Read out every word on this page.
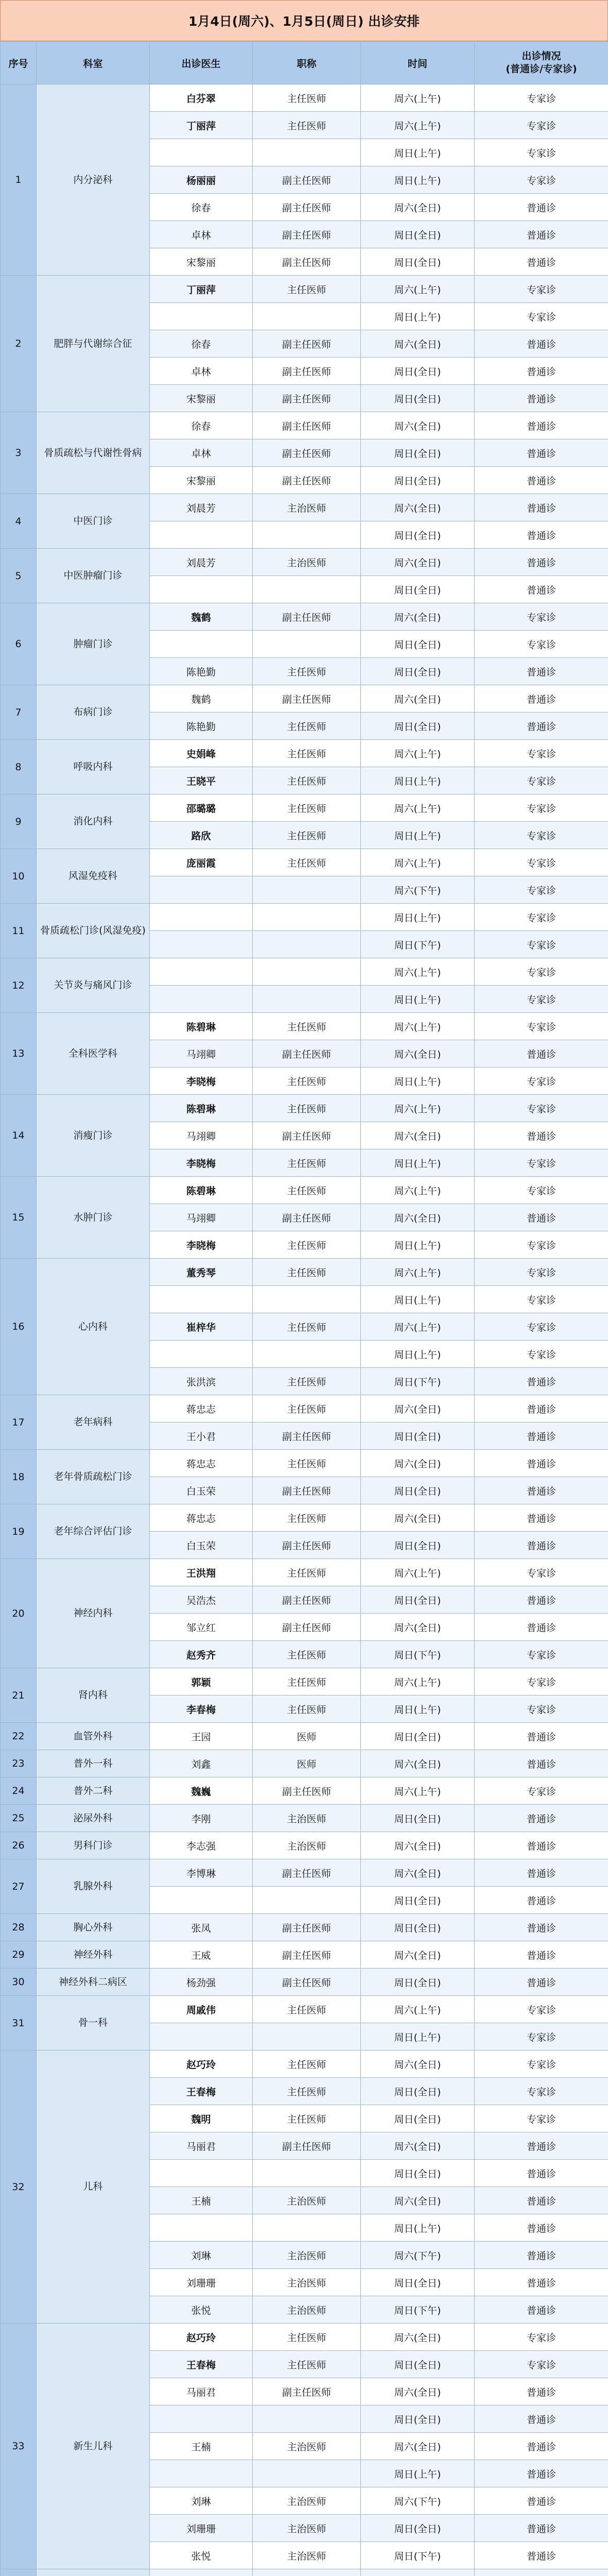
1月4日(周六)、1月5日(周日) 出诊安排
序号	科室	出诊医生	职称	时间	出诊情况
(普通诊/专家诊)
1	内分泌科	白芬翠	主任医师	周六(上午)	专家诊
		丁丽萍	主任医师	周六(上午)	专家诊
				周日(上午)	专家诊
		杨丽丽	副主任医师	周日(上午)	专家诊
		徐春	副主任医师	周六(全日)	普通诊
		卓林	副主任医师	周日(全日)	普通诊
		宋黎丽	副主任医师	周日(全日)	普通诊
2	肥胖与代谢综合征	丁丽萍	主任医师	周六(上午)	专家诊
				周日(上午)	专家诊
		徐春	副主任医师	周六(全日)	普通诊
		卓林	副主任医师	周日(全日)	普通诊
		宋黎丽	副主任医师	周日(全日)	普通诊
3	骨质疏松与代谢性骨病	徐春	副主任医师	周六(全日)	普通诊
		卓林	副主任医师	周日(全日)	普通诊
		宋黎丽	副主任医师	周日(全日)	普通诊
4	中医门诊	刘晨芳	主治医师	周六(全日)	普通诊
				周日(全日)	普通诊
5	中医肿瘤门诊	刘晨芳	主治医师	周六(全日)	普通诊
				周日(全日)	普通诊
6	肿瘤门诊	魏鹤	副主任医师	周六(全日)	专家诊
				周日(全日)	专家诊
		陈艳勤	主任医师	周日(全日)	普通诊
7	布病门诊	魏鹤	副主任医师	周六(全日)	普通诊
		陈艳勤	主任医师	周日(全日)	普通诊
8	呼吸内科	史娟峰	主任医师	周六(上午)	专家诊
		王晓平	主任医师	周日(上午)	专家诊
9	消化内科	邵璐璐	主任医师	周六(上午)	专家诊
		路欣	主任医师	周日(上午)	专家诊
10	风湿免疫科	庞丽霞	主任医师	周六(上午)	专家诊
				周六(下午)	专家诊
11	骨质疏松门诊(风湿免疫)			周日(上午)	专家诊
				周日(下午)	专家诊
12	关节炎与痛风门诊			周六(上午)	专家诊
				周日(上午)	专家诊
13	全科医学科	陈碧琳	主任医师	周六(上午)	专家诊
		马翊卿	副主任医师	周六(全日)	普通诊
		李晓梅	主任医师	周日(上午)	专家诊
14	消瘦门诊	陈碧琳	主任医师	周六(上午)	专家诊
		马翊卿	副主任医师	周六(全日)	普通诊
		李晓梅	主任医师	周日(上午)	专家诊
15	水肿门诊	陈碧琳	主任医师	周六(上午)	专家诊
		马翊卿	副主任医师	周六(全日)	普通诊
		李晓梅	主任医师	周日(上午)	专家诊
16	心内科	董秀琴	主任医师	周六(上午)	专家诊
				周日(上午)	专家诊
		崔梓华	主任医师	周六(上午)	专家诊
				周日(上午)	专家诊
		张洪滨	主任医师	周日(下午)	普通诊
17	老年病科	蒋忠志	主任医师	周六(全日)	普通诊
		王小君	副主任医师	周日(全日)	普通诊
18	老年骨质疏松门诊	蒋忠志	主任医师	周六(全日)	普通诊
		白玉荣	副主任医师	周日(全日)	普通诊
19	老年综合评估门诊	蒋忠志	主任医师	周六(全日)	普通诊
		白玉荣	副主任医师	周日(全日)	普通诊
20	神经内科	王洪翔	主任医师	周六(上午)	专家诊
		吴浩杰	副主任医师	周日(全日)	普通诊
		邹立红	副主任医师	周六(全日)	普通诊
		赵秀齐	主任医师	周日(下午)	专家诊
21	肾内科	郭颖	主任医师	周六(上午)	专家诊
		李春梅	主任医师	周日(上午)	专家诊
22	血管外科	王园	医师	周日(全日)	普通诊
23	普外一科	刘鑫	医师	周六(全日)	普通诊
24	普外二科	魏巍	副主任医师	周六(上午)	专家诊
25	泌尿外科	李刚	主治医师	周日(全日)	普通诊
26	男科门诊	李志强	主治医师	周六(全日)	普通诊
27	乳腺外科	李博琳	副主任医师	周六(全日)	普通诊
				周日(全日)	普通诊
28	胸心外科	张凤	副主任医师	周日(全日)	普通诊
29	神经外科	王威	副主任医师	周六(全日)	普通诊
30	神经外科二病区	杨劲强	副主任医师	周日(全日)	普通诊
31	骨一科	周戚伟	主任医师	周六(上午)	专家诊
				周日(上午)	专家诊
32	儿科	赵巧玲	主任医师	周六(全日)	专家诊
		王春梅	主任医师	周日(全日)	专家诊
		魏明	主任医师	周日(全日)	专家诊
		马丽君	副主任医师	周六(全日)	普通诊
				周日(全日)	普通诊
		王楠	主治医师	周六(全日)	普通诊
				周日(上午)	普通诊
		刘琳	主治医师	周六(下午)	普通诊
		刘珊珊	主治医师	周日(全日)	普通诊
		张悦	主治医师	周日(下午)	普通诊
33	新生儿科	赵巧玲	主任医师	周六(全日)	专家诊
		王春梅	主任医师	周日(全日)	专家诊
		马丽君	副主任医师	周六(全日)	普通诊
				周日(全日)	普通诊
		王楠	主治医师	周六(全日)	普通诊
				周日(上午)	普通诊
		刘琳	主治医师	周六(下午)	普通诊
		刘珊珊	主治医师	周日(全日)	普通诊
		张悦	主治医师	周日(下午)	普通诊
